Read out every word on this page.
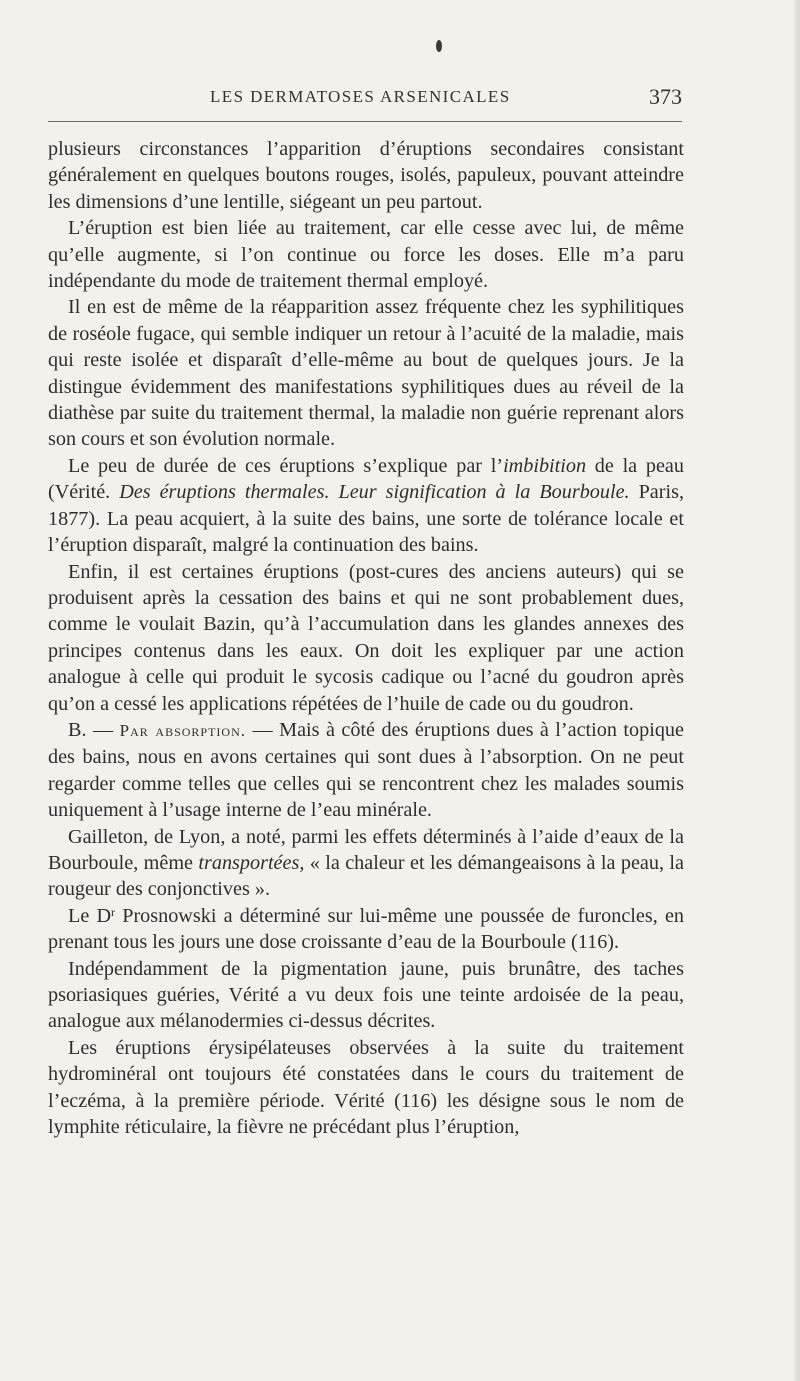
LES DERMATOSES ARSENICALES	373

plusieurs circonstances l’apparition d’éruptions secondaires consistant généralement en quelques boutons rouges, isolés, papuleux, pouvant atteindre les dimensions d’une lentille, siégeant un peu partout.

L’éruption est bien liée au traitement, car elle cesse avec lui, de même qu’elle augmente, si l’on continue ou force les doses. Elle m’a paru indépendante du mode de traitement thermal employé.

Il en est de même de la réapparition assez fréquente chez les syphilitiques de roséole fugace, qui semble indiquer un retour à l’acuité de la maladie, mais qui reste isolée et disparaît d’elle-même au bout de quelques jours. Je la distingue évidemment des manifestations syphilitiques dues au réveil de la diathèse par suite du traitement thermal, la maladie non guérie reprenant alors son cours et son évolution normale.

Le peu de durée de ces éruptions s’explique par l’imbibition de la peau (Vérité. Des éruptions thermales. Leur signification à la Bourboule. Paris, 1877). La peau acquiert, à la suite des bains, une sorte de tolérance locale et l’éruption disparaît, malgré la continuation des bains.

Enfin, il est certaines éruptions (post-cures des anciens auteurs) qui se produisent après la cessation des bains et qui ne sont probablement dues, comme le voulait Bazin, qu’à l’accumulation dans les glandes annexes des principes contenus dans les eaux. On doit les expliquer par une action analogue à celle qui produit le sycosis cadique ou l’acné du goudron après qu’on a cessé les applications répétées de l’huile de cade ou du goudron.

B. — Par absorption. — Mais à côté des éruptions dues à l’action topique des bains, nous en avons certaines qui sont dues à l’absorption. On ne peut regarder comme telles que celles qui se rencontrent chez les malades soumis uniquement à l’usage interne de l’eau minérale.

Gailleton, de Lyon, a noté, parmi les effets déterminés à l’aide d’eaux de la Bourboule, même transportées, « la chaleur et les démangeaisons à la peau, la rougeur des conjonctives ».

Le $D^r$ Prosnowski a déterminé sur lui-même une poussée de furoncles, en prenant tous les jours une dose croissante d’eau de la Bourboule (116).

Indépendamment de la pigmentation jaune, puis brunâtre, des taches psoriasiques guéries, Vérité a vu deux fois une teinte ardoisée de la peau, analogue aux mélanodermies ci-dessus décrites.

Les éruptions érysipélateuses observées à la suite du traitement hydrominéral ont toujours été constatées dans le cours du traitement de l’eczéma, à la première période. Vérité (116) les désigne sous le nom de lymphite réticulaire, la fièvre ne précédant plus l’éruption,
